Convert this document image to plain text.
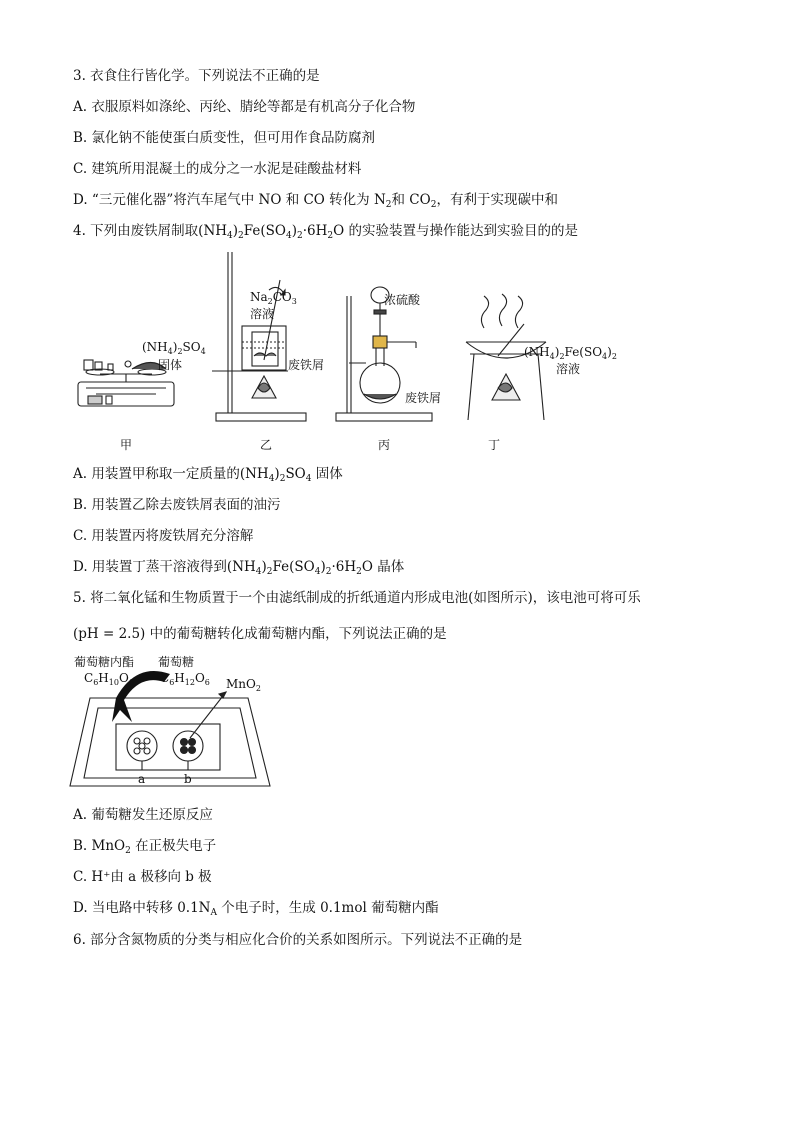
3. 衣食住行皆化学。下列说法不正确的是
A. 衣服原料如涤纶、丙纶、腈纶等都是有机高分子化合物
B. 氯化钠不能使蛋白质变性，但可用作食品防腐剂
C. 建筑所用混凝土的成分之一水泥是硅酸盐材料
D. “三元催化器”将汽车尾气中 NO 和 CO 转化为 $N_2$和 $CO_2$，有利于实现碳中和
4. 下列由废铁屑制取$(NH_4)_2Fe(SO_4)_2\cdot 6H_2O$ 的实验装置与操作能达到实验目的的是
$(NH_4)_2SO_4$
固体
$Na_2CO_3$
溶液
废铁屑
浓硫酸
废铁屑
$(NH_4)_2Fe(SO_4)_2$
溶液
甲	乙	丙	丁
A. 用装置甲称取一定质量的$(NH_4)_2SO_4$ 固体
B. 用装置乙除去废铁屑表面的油污
C. 用装置丙将废铁屑充分溶解
D. 用装置丁蒸干溶液得到$(NH_4)_2Fe(SO_4)_2\cdot 6H_2O$ 晶体
5. 将二氧化锰和生物质置于一个由滤纸制成的折纸通道内形成电池(如图所示)，该电池可将可乐
(pH = 2.5) 中的葡萄糖转化成葡萄糖内酯，下列说法正确的是
葡萄糖内酯
$C_6H_{10}O_6$
葡萄糖
$C_6H_{12}O_6$ MnO$_2$
a	b
A. 葡萄糖发生还原反应
B. MnO$_2$ 在正极失电子
C. H⁺由 a 极移向 b 极
D. 当电路中转移 $0.1N_A$ 个电子时，生成 0.1mol 葡萄糖内酯
6. 部分含氮物质的分类与相应化合价的关系如图所示。下列说法不正确的是
